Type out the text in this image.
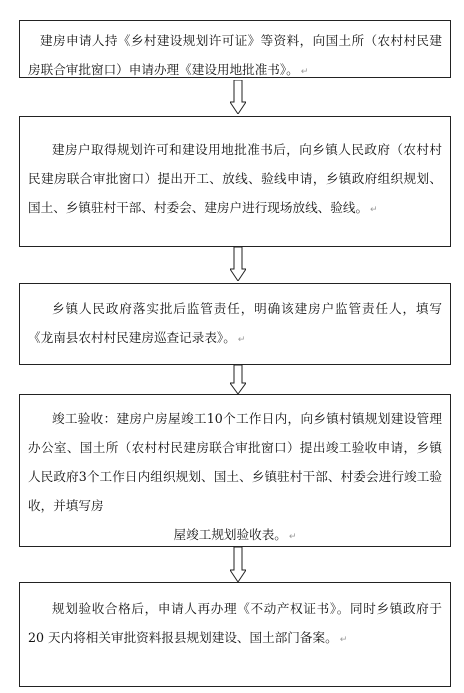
建房申请人持《乡村建设规划许可证》等资料，向国土所（农村村民建房联合审批窗口）申请办理《建设用地批准书》。 ↵

建房户取得规划许可和建设用地批准书后，向乡镇人民政府（农村村民建房联合审批窗口）提出开工、放线、验线申请，乡镇政府组织规划、国土、乡镇驻村干部、村委会、建房户进行现场放线、验线。 ↵

乡镇人民政府落实批后监管责任，明确该建房户监管责任人，填写《龙南县农村村民建房巡查记录表》。 ↵

竣工验收：建房户房屋竣工10个工作日内，向乡镇村镇规划建设管理办公室、国土所（农村村民建房联合审批窗口）提出竣工验收申请，乡镇人民政府3个工作日内组织规划、国土、乡镇驻村干部、村委会进行竣工验收，并填写房

屋竣工规划验收表。 ↵

规划验收合格后，申请人再办理《不动产权证书》。同时乡镇政府于 20 天内将相关审批资料报县规划建设、国土部门备案。 ↵
